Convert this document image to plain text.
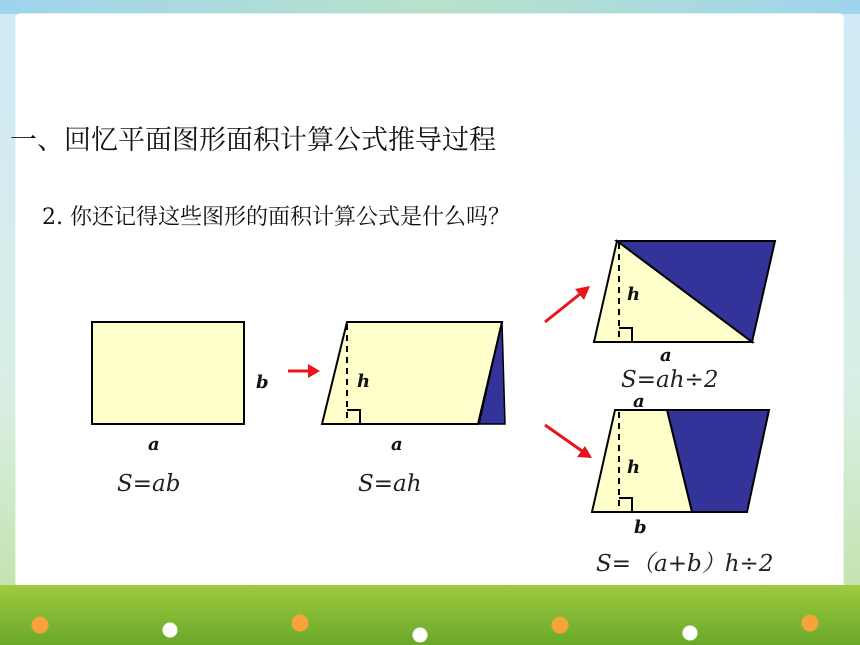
一、回忆平面图形面积计算公式推导过程
2. 你还记得这些图形的面积计算公式是什么吗？
b
a
S=ab
h
a
S=ah
h
a
S=ah÷2
a
h
b
S=（a+b）h÷2
